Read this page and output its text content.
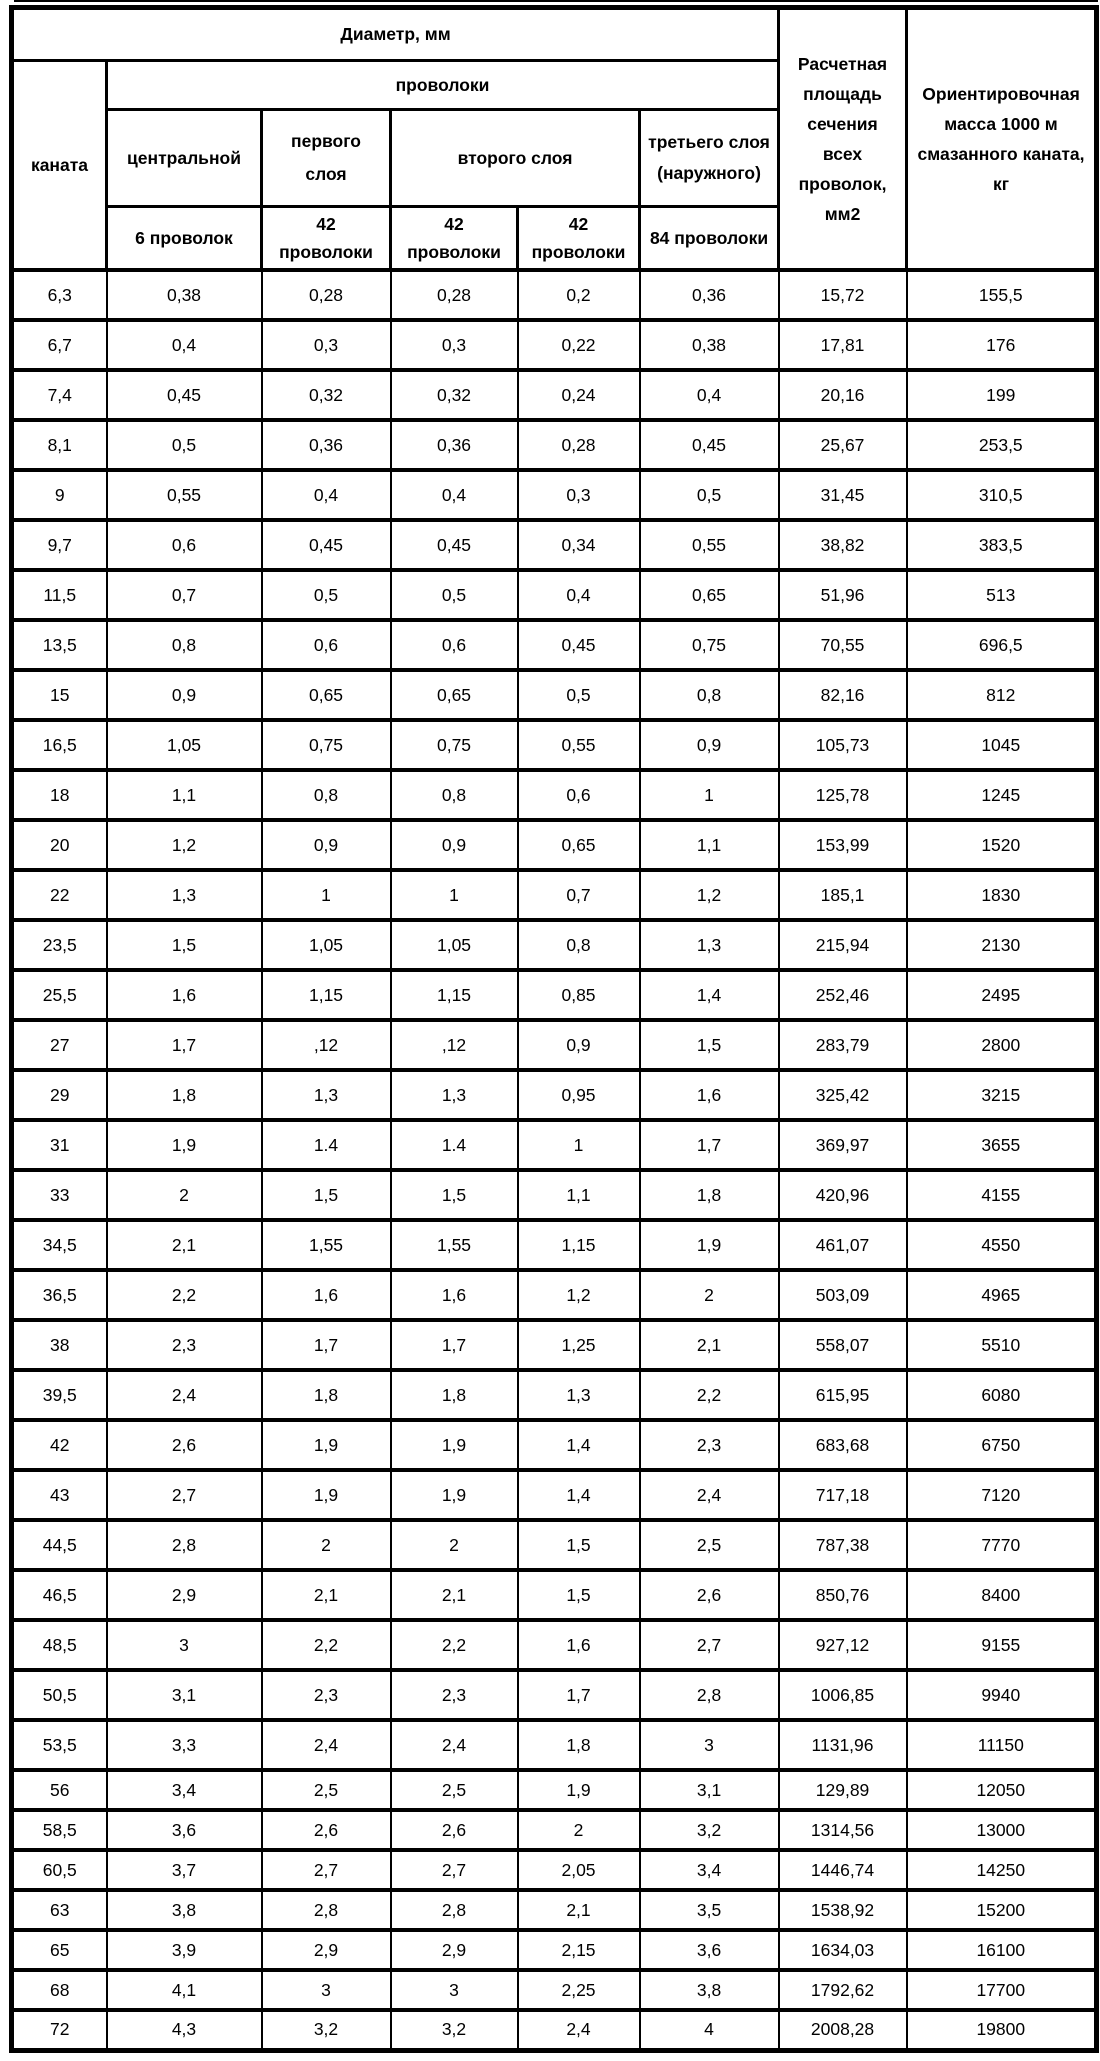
Диаметр, мм						Расчетная площадь сечения всех проволок, мм2	Ориентировочная масса 1000 м смазанного каната, кг
каната	проволоки						
	центральной	первого слоя	второго слоя		третьего слоя (наружного)		
	6 проволок	42 проволоки	42 проволоки	42 проволоки	84 проволоки		
6,3	0,38	0,28	0,28	0,2	0,36	15,72	155,5
6,7	0,4	0,3	0,3	0,22	0,38	17,81	176
7,4	0,45	0,32	0,32	0,24	0,4	20,16	199
8,1	0,5	0,36	0,36	0,28	0,45	25,67	253,5
9	0,55	0,4	0,4	0,3	0,5	31,45	310,5
9,7	0,6	0,45	0,45	0,34	0,55	38,82	383,5
11,5	0,7	0,5	0,5	0,4	0,65	51,96	513
13,5	0,8	0,6	0,6	0,45	0,75	70,55	696,5
15	0,9	0,65	0,65	0,5	0,8	82,16	812
16,5	1,05	0,75	0,75	0,55	0,9	105,73	1045
18	1,1	0,8	0,8	0,6	1	125,78	1245
20	1,2	0,9	0,9	0,65	1,1	153,99	1520
22	1,3	1	1	0,7	1,2	185,1	1830
23,5	1,5	1,05	1,05	0,8	1,3	215,94	2130
25,5	1,6	1,15	1,15	0,85	1,4	252,46	2495
27	1,7	,12	,12	0,9	1,5	283,79	2800
29	1,8	1,3	1,3	0,95	1,6	325,42	3215
31	1,9	1.4	1.4	1	1,7	369,97	3655
33	2	1,5	1,5	1,1	1,8	420,96	4155
34,5	2,1	1,55	1,55	1,15	1,9	461,07	4550
36,5	2,2	1,6	1,6	1,2	2	503,09	4965
38	2,3	1,7	1,7	1,25	2,1	558,07	5510
39,5	2,4	1,8	1,8	1,3	2,2	615,95	6080
42	2,6	1,9	1,9	1,4	2,3	683,68	6750
43	2,7	1,9	1,9	1,4	2,4	717,18	7120
44,5	2,8	2	2	1,5	2,5	787,38	7770
46,5	2,9	2,1	2,1	1,5	2,6	850,76	8400
48,5	3	2,2	2,2	1,6	2,7	927,12	9155
50,5	3,1	2,3	2,3	1,7	2,8	1006,85	9940
53,5	3,3	2,4	2,4	1,8	3	1131,96	11150
56	3,4	2,5	2,5	1,9	3,1	129,89	12050
58,5	3,6	2,6	2,6	2	3,2	1314,56	13000
60,5	3,7	2,7	2,7	2,05	3,4	1446,74	14250
63	3,8	2,8	2,8	2,1	3,5	1538,92	15200
65	3,9	2,9	2,9	2,15	3,6	1634,03	16100
68	4,1	3	3	2,25	3,8	1792,62	17700
72	4,3	3,2	3,2	2,4	4	2008,28	19800
